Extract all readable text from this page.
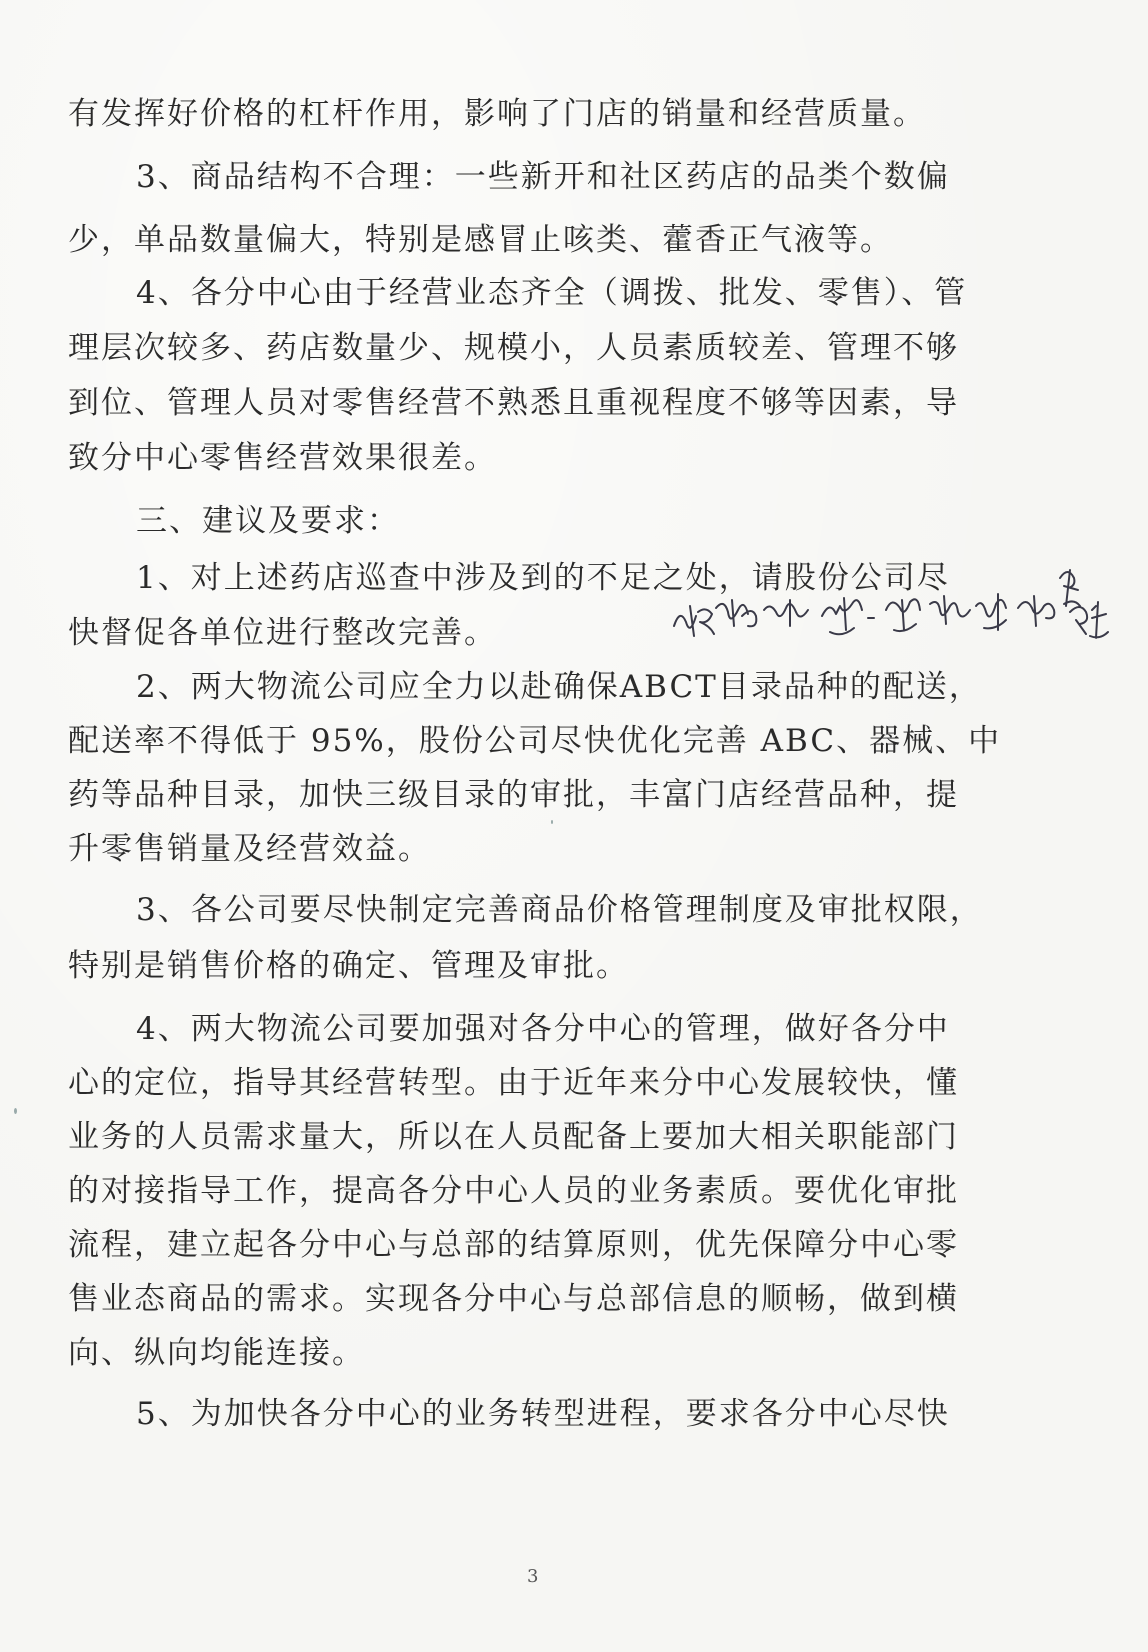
有发挥好价格的杠杆作用，影响了门店的销量和经营质量。
3、商品结构不合理：一些新开和社区药店的品类个数偏
少，单品数量偏大，特别是感冒止咳类、藿香正气液等。
4、各分中心由于经营业态齐全（调拨、批发、零售）、管
理层次较多、药店数量少、规模小，人员素质较差、管理不够
到位、管理人员对零售经营不熟悉且重视程度不够等因素，导
致分中心零售经营效果很差。
三、建议及要求：
1、对上述药店巡查中涉及到的不足之处，请股份公司尽
快督促各单位进行整改完善。
2、两大物流公司应全力以赴确保ABCT目录品种的配送，
配送率不得低于 95%，股份公司尽快优化完善 ABC、器械、中
药等品种目录，加快三级目录的审批，丰富门店经营品种，提
升零售销量及经营效益。
3、各公司要尽快制定完善商品价格管理制度及审批权限，
特别是销售价格的确定、管理及审批。
4、两大物流公司要加强对各分中心的管理，做好各分中
心的定位，指导其经营转型。由于近年来分中心发展较快，懂
业务的人员需求量大，所以在人员配备上要加大相关职能部门
的对接指导工作，提高各分中心人员的业务素质。要优化审批
流程，建立起各分中心与总部的结算原则，优先保障分中心零
售业态商品的需求。实现各分中心与总部信息的顺畅，做到横
向、纵向均能连接。
5、为加快各分中心的业务转型进程，要求各分中心尽快
3
